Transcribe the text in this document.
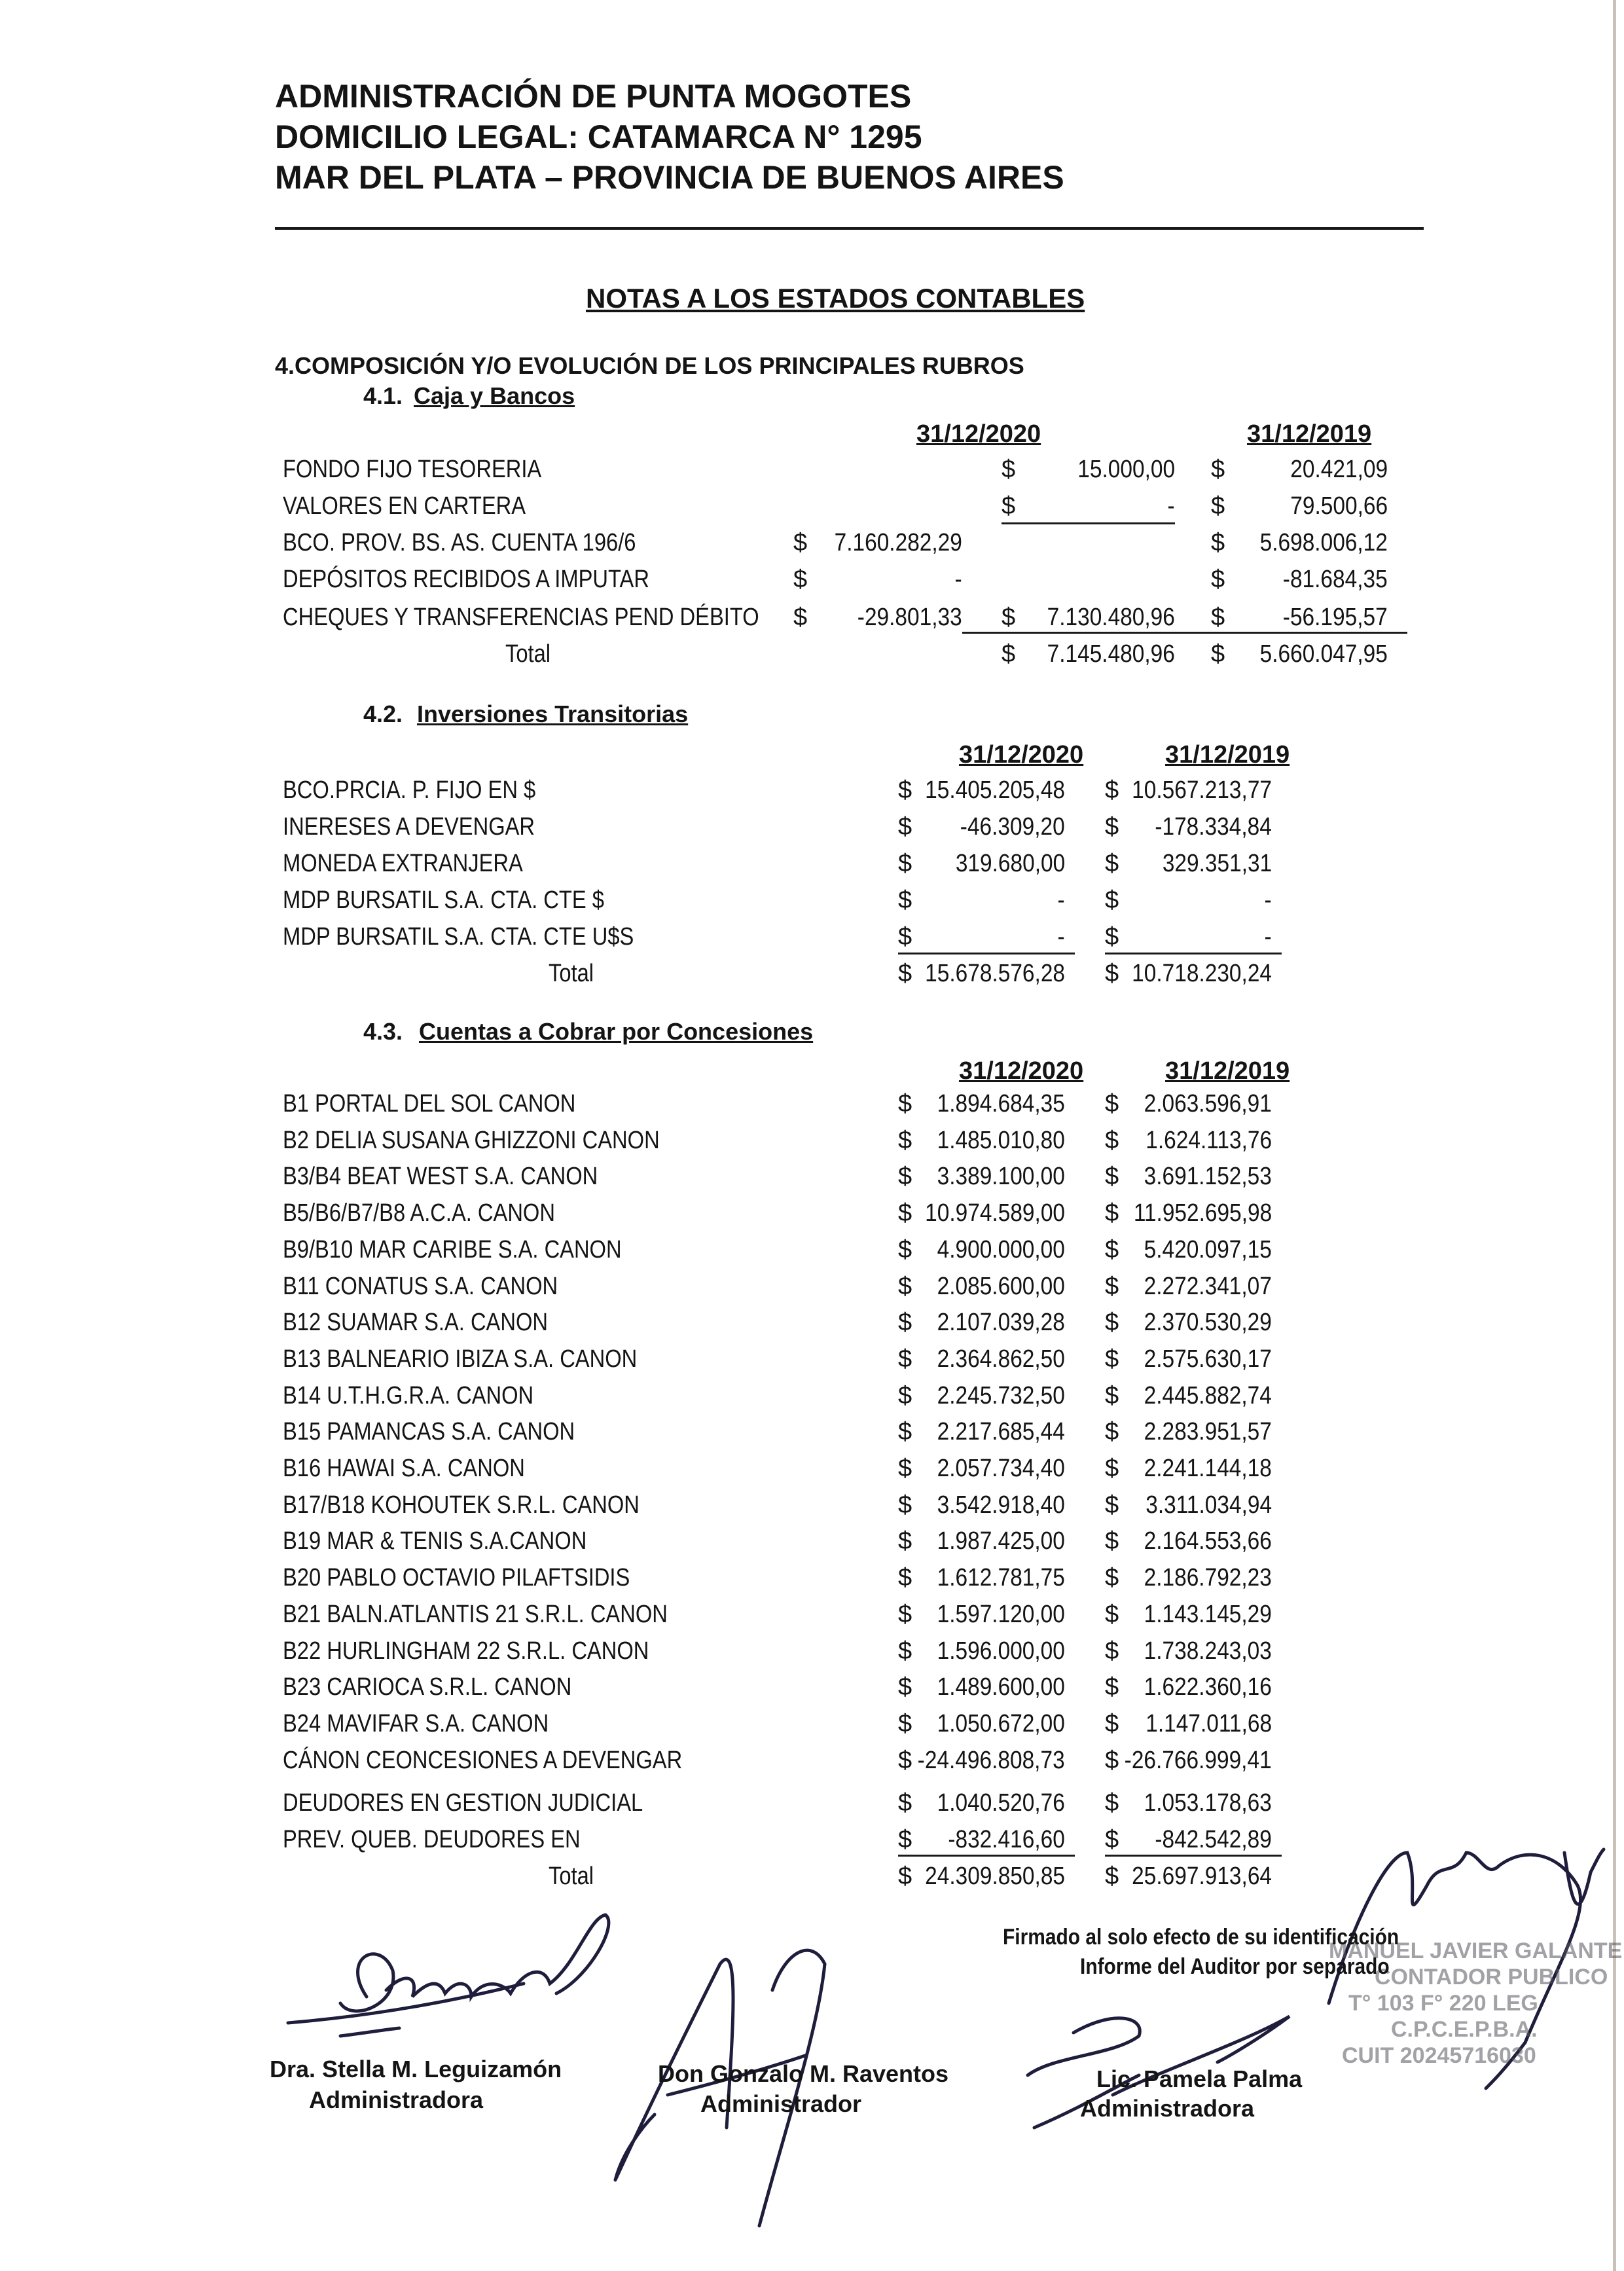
ADMINISTRACIÓN DE PUNTA MOGOTES
DOMICILIO LEGAL: CATAMARCA N° 1295
MAR DEL PLATA – PROVINCIA DE BUENOS AIRES
NOTAS A LOS ESTADOS CONTABLES
4.COMPOSICIÓN Y/O EVOLUCIÓN DE LOS PRINCIPALES RUBROS
4.1. Caja y Bancos
31/12/2020	31/12/2019
FONDO FIJO TESORERIA	$	15.000,00 $	20.421,09
VALORES EN CARTERA	$	- $	79.500,66
BCO. PROV. BS. AS. CUENTA 196/6	$ 7.160.282,29	$ 5.698.006,12
DEPÓSITOS RECIBIDOS A IMPUTAR	$	-	$ -81.684,35
CHEQUES Y TRANSFERENCIAS PEND DÉBITO $ -29.801,33 $ 7.130.480,96 $ -56.195,57
Total	$ 7.145.480,96 $ 5.660.047,95
4.2. Inversiones Transitorias
31/12/2020	31/12/2019
BCO.PRCIA. P. FIJO EN $	$ 15.405.205,48 $ 10.567.213,77
INERESES A DEVENGAR	$ -46.309,20 $ -178.334,84
MONEDA EXTRANJERA	$ 319.680,00 $ 329.351,31
MDP BURSATIL S.A. CTA. CTE $	$	- $	-
MDP BURSATIL S.A. CTA. CTE U$S	$	- $	-
Total	$ 15.678.576,28 $ 10.718.230,24
4.3. Cuentas a Cobrar por Concesiones
31/12/2020	31/12/2019
B1 PORTAL DEL SOL CANON	$ 1.894.684,35 $ 2.063.596,91
B2 DELIA SUSANA GHIZZONI CANON	$ 1.485.010,80 $ 1.624.113,76
B3/B4 BEAT WEST S.A. CANON	$ 3.389.100,00 $ 3.691.152,53
B5/B6/B7/B8 A.C.A. CANON	$ 10.974.589,00 $ 11.952.695,98
B9/B10 MAR CARIBE S.A. CANON	$ 4.900.000,00 $ 5.420.097,15
B11 CONATUS S.A. CANON	$ 2.085.600,00 $ 2.272.341,07
B12 SUAMAR S.A. CANON	$ 2.107.039,28 $ 2.370.530,29
B13 BALNEARIO IBIZA S.A. CANON	$ 2.364.862,50 $ 2.575.630,17
B14 U.T.H.G.R.A. CANON	$ 2.245.732,50 $ 2.445.882,74
B15 PAMANCAS S.A. CANON	$ 2.217.685,44 $ 2.283.951,57
B16 HAWAI S.A. CANON	$ 2.057.734,40 $ 2.241.144,18
B17/B18 KOHOUTEK S.R.L. CANON	$ 3.542.918,40 $ 3.311.034,94
B19 MAR & TENIS S.A.CANON	$ 1.987.425,00 $ 2.164.553,66
B20 PABLO OCTAVIO PILAFTSIDIS	$ 1.612.781,75 $ 2.186.792,23
B21 BALN.ATLANTIS 21 S.R.L. CANON	$ 1.597.120,00 $ 1.143.145,29
B22 HURLINGHAM 22 S.R.L. CANON	$ 1.596.000,00 $ 1.738.243,03
B23 CARIOCA S.R.L. CANON	$ 1.489.600,00 $ 1.622.360,16
B24 MAVIFAR S.A. CANON	$ 1.050.672,00 $ 1.147.011,68
CÁNON CEONCESIONES A DEVENGAR	$ -24.496.808,73 $ -26.766.999,41
DEUDORES EN GESTION JUDICIAL	$ 1.040.520,76 $ 1.053.178,63
PREV. QUEB. DEUDORES EN	$ -832.416,60 $ -842.542,89
Total	$ 24.309.850,85 $ 25.697.913,64
MANUEL JAVIER GALANTE
CONTADOR PUBLICO
T° 103 F° 220 LEG
C.P.C.E.P.B.A.
CUIT 20245716030
Firmado al solo efecto de su identificación
Informe del Auditor por separado
Dra. Stella M. Leguizamón
Administradora
Don Gonzalo M. Raventos
Administrador
Lic. Pamela Palma
Administradora
